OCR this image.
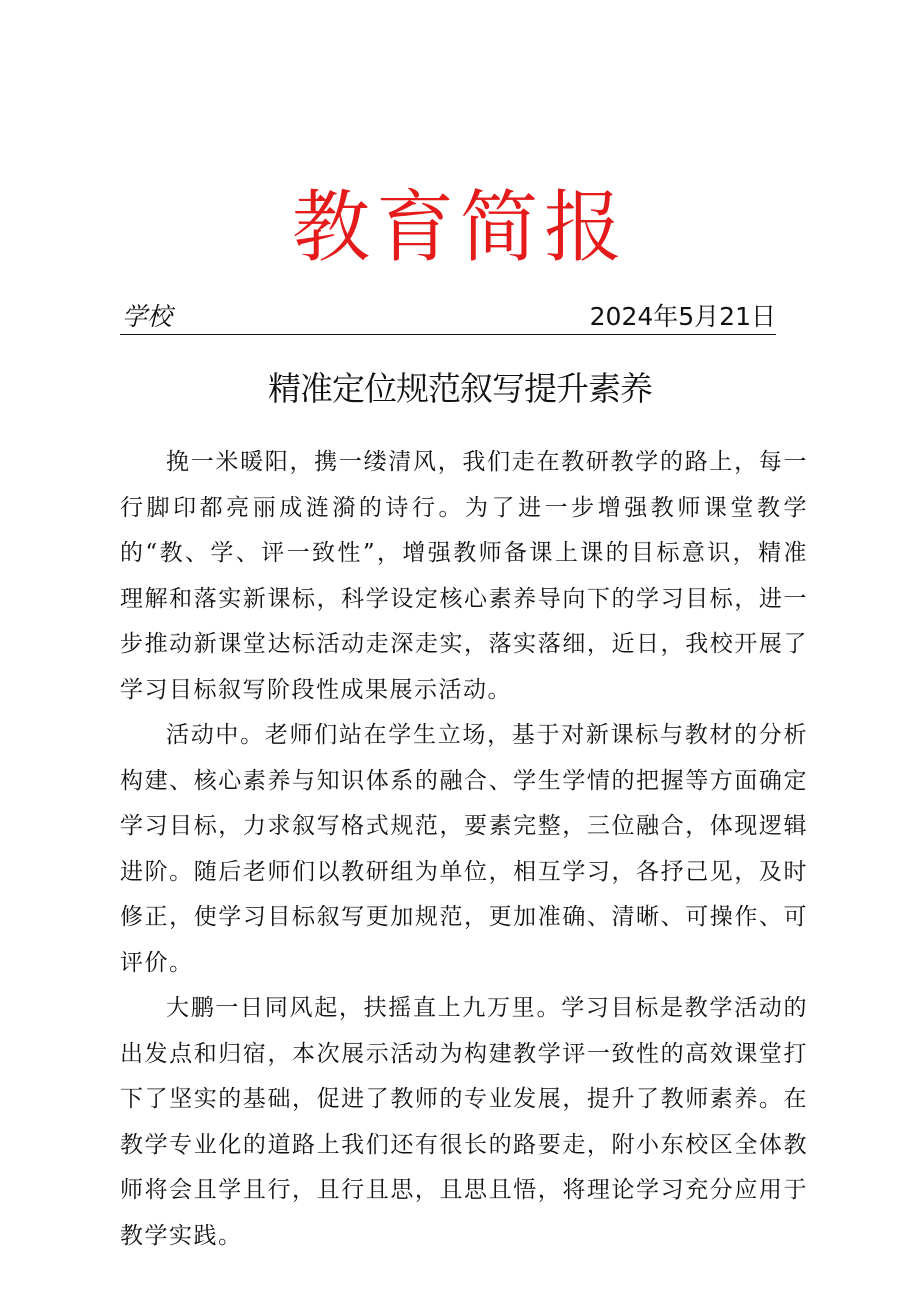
教育简报
学校	2024年5月21日
精准定位规范叙写提升素养

挽一米暖阳，携一缕清风，我们走在教研教学的路上，每一行脚印都亮丽成涟漪的诗行。为了进一步增强教师课堂教学的“教、学、评一致性”，增强教师备课上课的目标意识，精准理解和落实新课标，科学设定核心素养导向下的学习目标，进一步推动新课堂达标活动走深走实，落实落细，近日，我校开展了学习目标叙写阶段性成果展示活动。

活动中。老师们站在学生立场，基于对新课标与教材的分析构建、核心素养与知识体系的融合、学生学情的把握等方面确定学习目标，力求叙写格式规范，要素完整，三位融合，体现逻辑进阶。随后老师们以教研组为单位，相互学习，各抒己见，及时修正，使学习目标叙写更加规范，更加准确、清晰、可操作、可评价。

大鹏一日同风起，扶摇直上九万里。学习目标是教学活动的出发点和归宿，本次展示活动为构建教学评一致性的高效课堂打下了坚实的基础，促进了教师的专业发展，提升了教师素养。在教学专业化的道路上我们还有很长的路要走，附小东校区全体教师将会且学且行，且行且思，且思且悟，将理论学习充分应用于教学实践。
